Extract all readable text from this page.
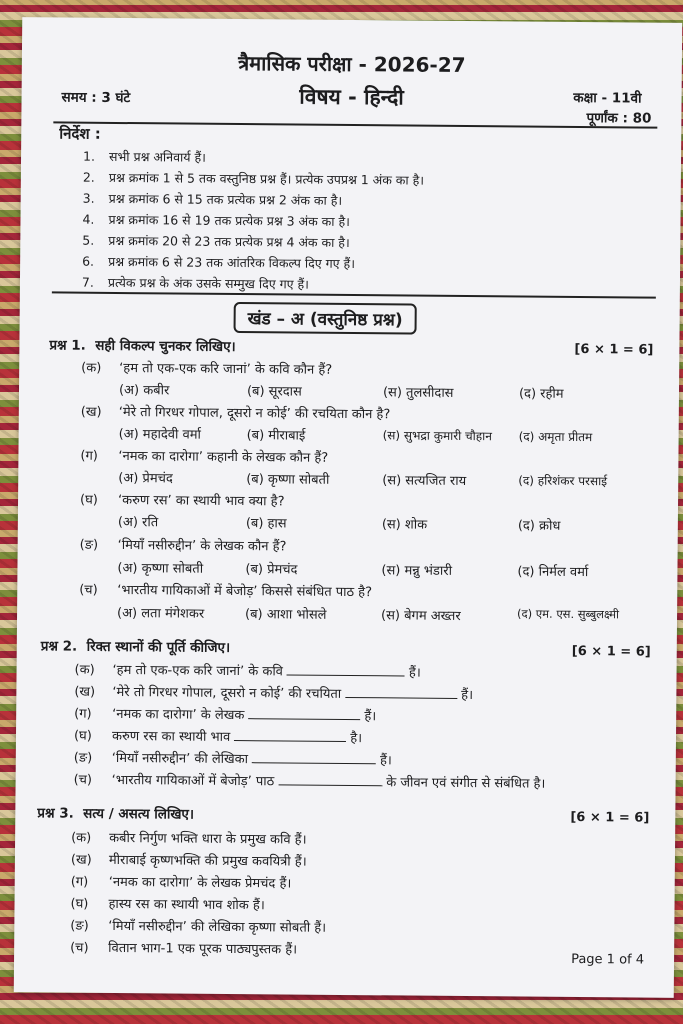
त्रैमासिक परीक्षा - 2026-27
समय : 3 घंटे	विषय - हिन्दी	कक्षा - 11वी
पूर्णांक : 80
निर्देश :
1. सभी प्रश्न अनिवार्य हैं।
2. प्रश्न क्रमांक 1 से 5 तक वस्तुनिष्ठ प्रश्न हैं। प्रत्येक उपप्रश्न 1 अंक का है।
3. प्रश्न क्रमांक 6 से 15 तक प्रत्येक प्रश्न 2 अंक का है।
4. प्रश्न क्रमांक 16 से 19 तक प्रत्येक प्रश्न 3 अंक का है।
5. प्रश्न क्रमांक 20 से 23 तक प्रत्येक प्रश्न 4 अंक का है।
6. प्रश्न क्रमांक 6 से 23 तक आंतरिक विकल्प दिए गए हैं।
7. प्रत्येक प्रश्न के अंक उसके सम्मुख दिए गए हैं।
खंड – अ (वस्तुनिष्ठ प्रश्न)
प्रश्न 1. सही विकल्प चुनकर लिखिए।	[6 × 1 = 6]
(क) ‘हम तो एक-एक करि जानां’ के कवि कौन हैं?
(अ) कबीर	(ब) सूरदास	(स) तुलसीदास	(द) रहीम
(ख) ‘मेरे तो गिरधर गोपाल, दूसरो न कोई’ की रचयिता कौन है?
(अ) महादेवी वर्मा	(ब) मीराबाई	(स) सुभद्रा कुमारी चौहान (द) अमृता प्रीतम
(ग) ‘नमक का दारोगा’ कहानी के लेखक कौन हैं?
(अ) प्रेमचंद	(ब) कृष्णा सोबती	(स) सत्यजित राय	(द) हरिशंकर परसाई
(घ) ‘करुण रस’ का स्थायी भाव क्या है?
(अ) रति	(ब) हास	(स) शोक	(द) क्रोध
(ङ) ‘मियाँ नसीरुद्दीन’ के लेखक कौन हैं?
(अ) कृष्णा सोबती	(ब) प्रेमचंद	(स) मन्नु भंडारी	(द) निर्मल वर्मा
(च) ‘भारतीय गायिकाओं में बेजोड़’ किससे संबंधित पाठ है?
(अ) लता मंगेशकर	(ब) आशा भोसले	(स) बेगम अख्तर	(द) एम. एस. सुब्बुलक्ष्मी
प्रश्न 2. रिक्त स्थानों की पूर्ति कीजिए।	[6 × 1 = 6]
(क) ‘हम तो एक-एक करि जानां’ के कवि	हैं।
(ख) ‘मेरे तो गिरधर गोपाल, दूसरो न कोई’ की रचयिता	हैं।
(ग) ‘नमक का दारोगा’ के लेखक	हैं।
(घ) करुण रस का स्थायी भाव	है।
(ङ) ‘मियाँ नसीरुद्दीन’ की लेखिका	हैं।
(च) ‘भारतीय गायिकाओं में बेजोड़’ पाठ	के जीवन एवं संगीत से संबंधित है।
प्रश्न 3. सत्य / असत्य लिखिए।	[6 × 1 = 6]
(क) कबीर निर्गुण भक्ति धारा के प्रमुख कवि हैं।
(ख) मीराबाई कृष्णभक्ति की प्रमुख कवयित्री हैं।
(ग) ‘नमक का दारोगा’ के लेखक प्रेमचंद हैं।
(घ) हास्य रस का स्थायी भाव शोक हैं।
(ङ) ‘मियाँ नसीरुद्दीन’ की लेखिका कृष्णा सोबती हैं।
(च) वितान भाग-1 एक पूरक पाठ्यपुस्तक हैं।
Page 1 of 4
